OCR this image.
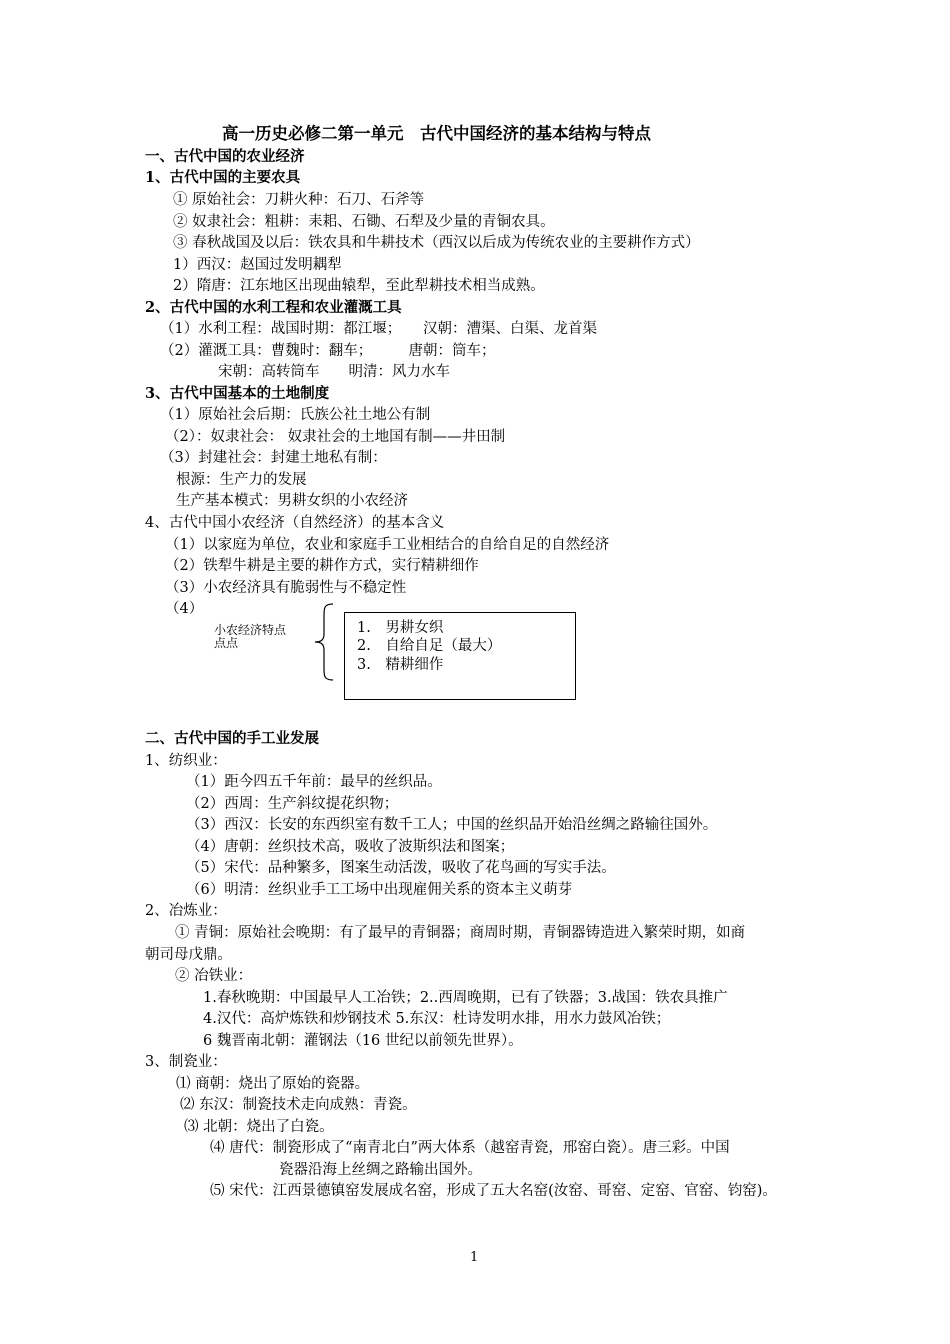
高一历史必修二第一单元　古代中国经济的基本结构与特点
一、古代中国的农业经济
1、古代中国的主要农具
① 原始社会：刀耕火种：石刀、石斧等
② 奴隶社会：粗耕：耒耜、石锄、石犁及少量的青铜农具。
③ 春秋战国及以后：铁农具和牛耕技术（西汉以后成为传统农业的主要耕作方式）
1）西汉：赵国过发明耦犁
2）隋唐：江东地区出现曲辕犁，至此犁耕技术相当成熟。
2、古代中国的水利工程和农业灌溉工具
（1）水利工程：战国时期：都江堰；　　汉朝：漕渠、白渠、龙首渠
（2）灌溉工具：曹魏时：翻车；　　　唐朝：筒车；
宋朝：高转筒车　　明清：风力水车
3、古代中国基本的土地制度
（1）原始社会后期：氏族公社土地公有制
（2）：奴隶社会： 奴隶社会的土地国有制——井田制
（3）封建社会：封建土地私有制：
根源：生产力的发展
生产基本模式：男耕女织的小农经济
4、古代中国小农经济（自然经济）的基本含义
（1）以家庭为单位，农业和家庭手工业相结合的自给自足的自然经济
（2）铁犁牛耕是主要的耕作方式，实行精耕细作
（3）小农经济具有脆弱性与不稳定性
（4）
小农经济特点
点点
1.　男耕女织
2.　自给自足（最大）
3.　精耕细作
二、古代中国的手工业发展
1、纺织业：
（1）距今四五千年前：最早的丝织品。
（2）西周：生产斜纹提花织物；
（3）西汉：长安的东西织室有数千工人；中国的丝织品开始沿丝绸之路输往国外。
（4）唐朝：丝织技术高，吸收了波斯织法和图案；
（5）宋代：品种繁多，图案生动活泼，吸收了花鸟画的写实手法。
（6）明清：丝织业手工工场中出现雇佣关系的资本主义萌芽
2、冶炼业：
① 青铜：原始社会晚期：有了最早的青铜器；商周时期，青铜器铸造进入繁荣时期，如商
朝司母戊鼎。
② 冶铁业：
1.春秋晚期：中国最早人工冶铁；2..西周晚期，已有了铁器；3.战国：铁农具推广
4.汉代：高炉炼铁和炒钢技术 5.东汉：杜诗发明水排，用水力鼓风冶铁；
6 魏晋南北朝：灌钢法（16 世纪以前领先世界）。
3、制瓷业：
⑴ 商朝：烧出了原始的瓷器。
⑵ 东汉：制瓷技术走向成熟：青瓷。
⑶ 北朝：烧出了白瓷。
⑷ 唐代：制瓷形成了“南青北白”两大体系（越窑青瓷，邢窑白瓷）。唐三彩。中国
瓷器沿海上丝绸之路输出国外。
⑸ 宋代：江西景德镇窑发展成名窑，形成了五大名窑(汝窑、哥窑、定窑、官窑、钧窑)。
1
